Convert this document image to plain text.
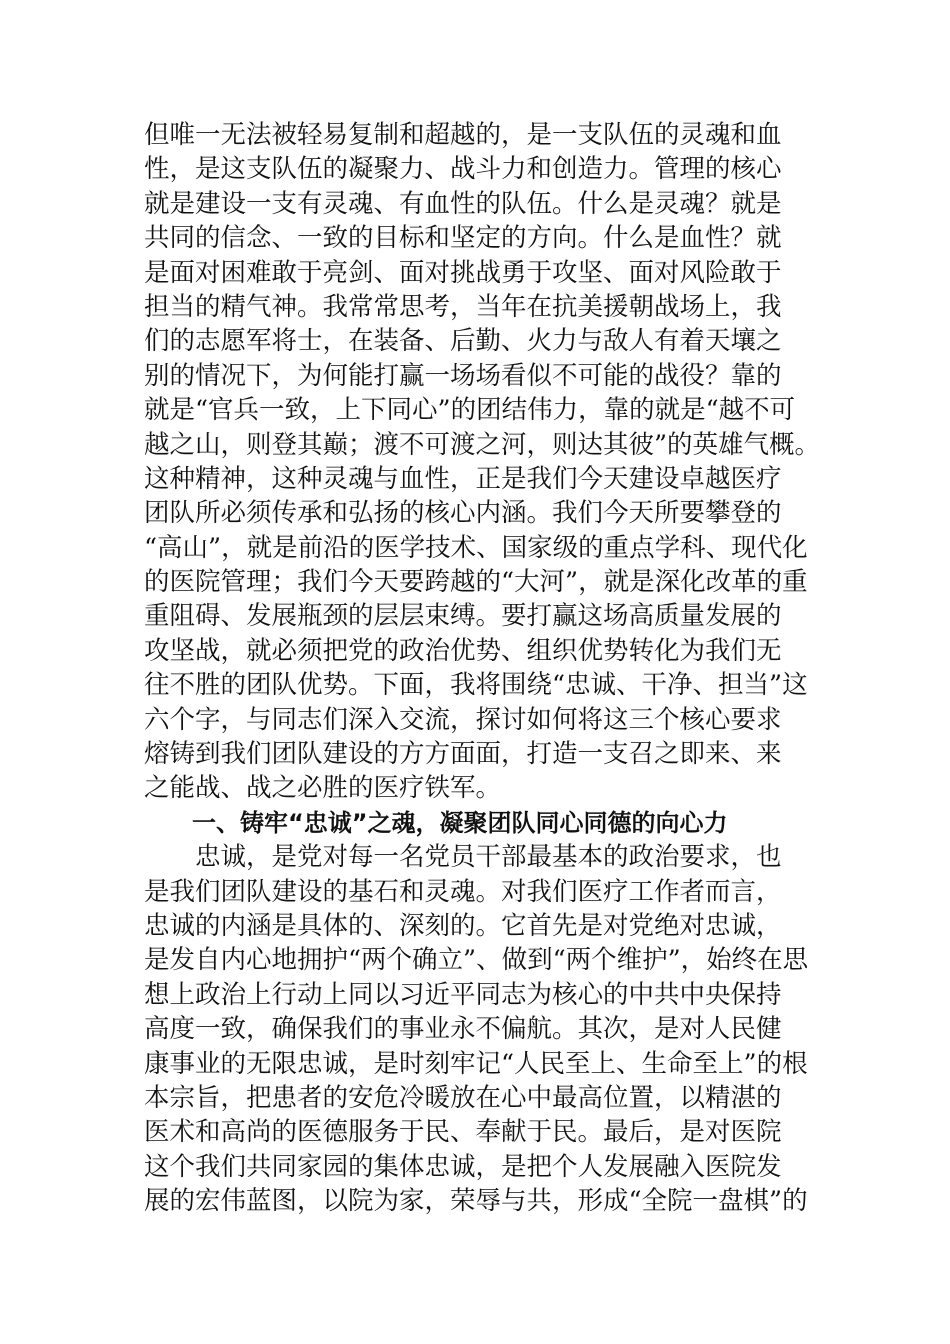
但唯一无法被轻易复制和超越的，是一支队伍的灵魂和血
性，是这支队伍的凝聚力、战斗力和创造力。管理的核心
就是建设一支有灵魂、有血性的队伍。什么是灵魂？就是
共同的信念、一致的目标和坚定的方向。什么是血性？就
是面对困难敢于亮剑、面对挑战勇于攻坚、面对风险敢于
担当的精气神。我常常思考，当年在抗美援朝战场上，我
们的志愿军将士，在装备、后勤、火力与敌人有着天壤之
别的情况下，为何能打赢一场场看似不可能的战役？靠的
就是“官兵一致，上下同心”的团结伟力，靠的就是“越不可
越之山，则登其巅；渡不可渡之河，则达其彼”的英雄气概。
这种精神，这种灵魂与血性，正是我们今天建设卓越医疗
团队所必须传承和弘扬的核心内涵。我们今天所要攀登的
“高山”，就是前沿的医学技术、国家级的重点学科、现代化
的医院管理；我们今天要跨越的“大河”，就是深化改革的重
重阻碍、发展瓶颈的层层束缚。要打赢这场高质量发展的
攻坚战，就必须把党的政治优势、组织优势转化为我们无
往不胜的团队优势。下面，我将围绕“忠诚、干净、担当”这
六个字，与同志们深入交流，探讨如何将这三个核心要求
熔铸到我们团队建设的方方面面，打造一支召之即来、来
之能战、战之必胜的医疗铁军。
　　一、铸牢“忠诚”之魂，凝聚团队同心同德的向心力
　　忠诚，是党对每一名党员干部最基本的政治要求，也
是我们团队建设的基石和灵魂。对我们医疗工作者而言，
忠诚的内涵是具体的、深刻的。它首先是对党绝对忠诚，
是发自内心地拥护“两个确立”、做到“两个维护”，始终在思
想上政治上行动上同以习近平同志为核心的中共中央保持
高度一致，确保我们的事业永不偏航。其次，是对人民健
康事业的无限忠诚，是时刻牢记“人民至上、生命至上”的根
本宗旨，把患者的安危冷暖放在心中最高位置，以精湛的
医术和高尚的医德服务于民、奉献于民。最后，是对医院
这个我们共同家园的集体忠诚，是把个人发展融入医院发
展的宏伟蓝图，以院为家，荣辱与共，形成“全院一盘棋”的
